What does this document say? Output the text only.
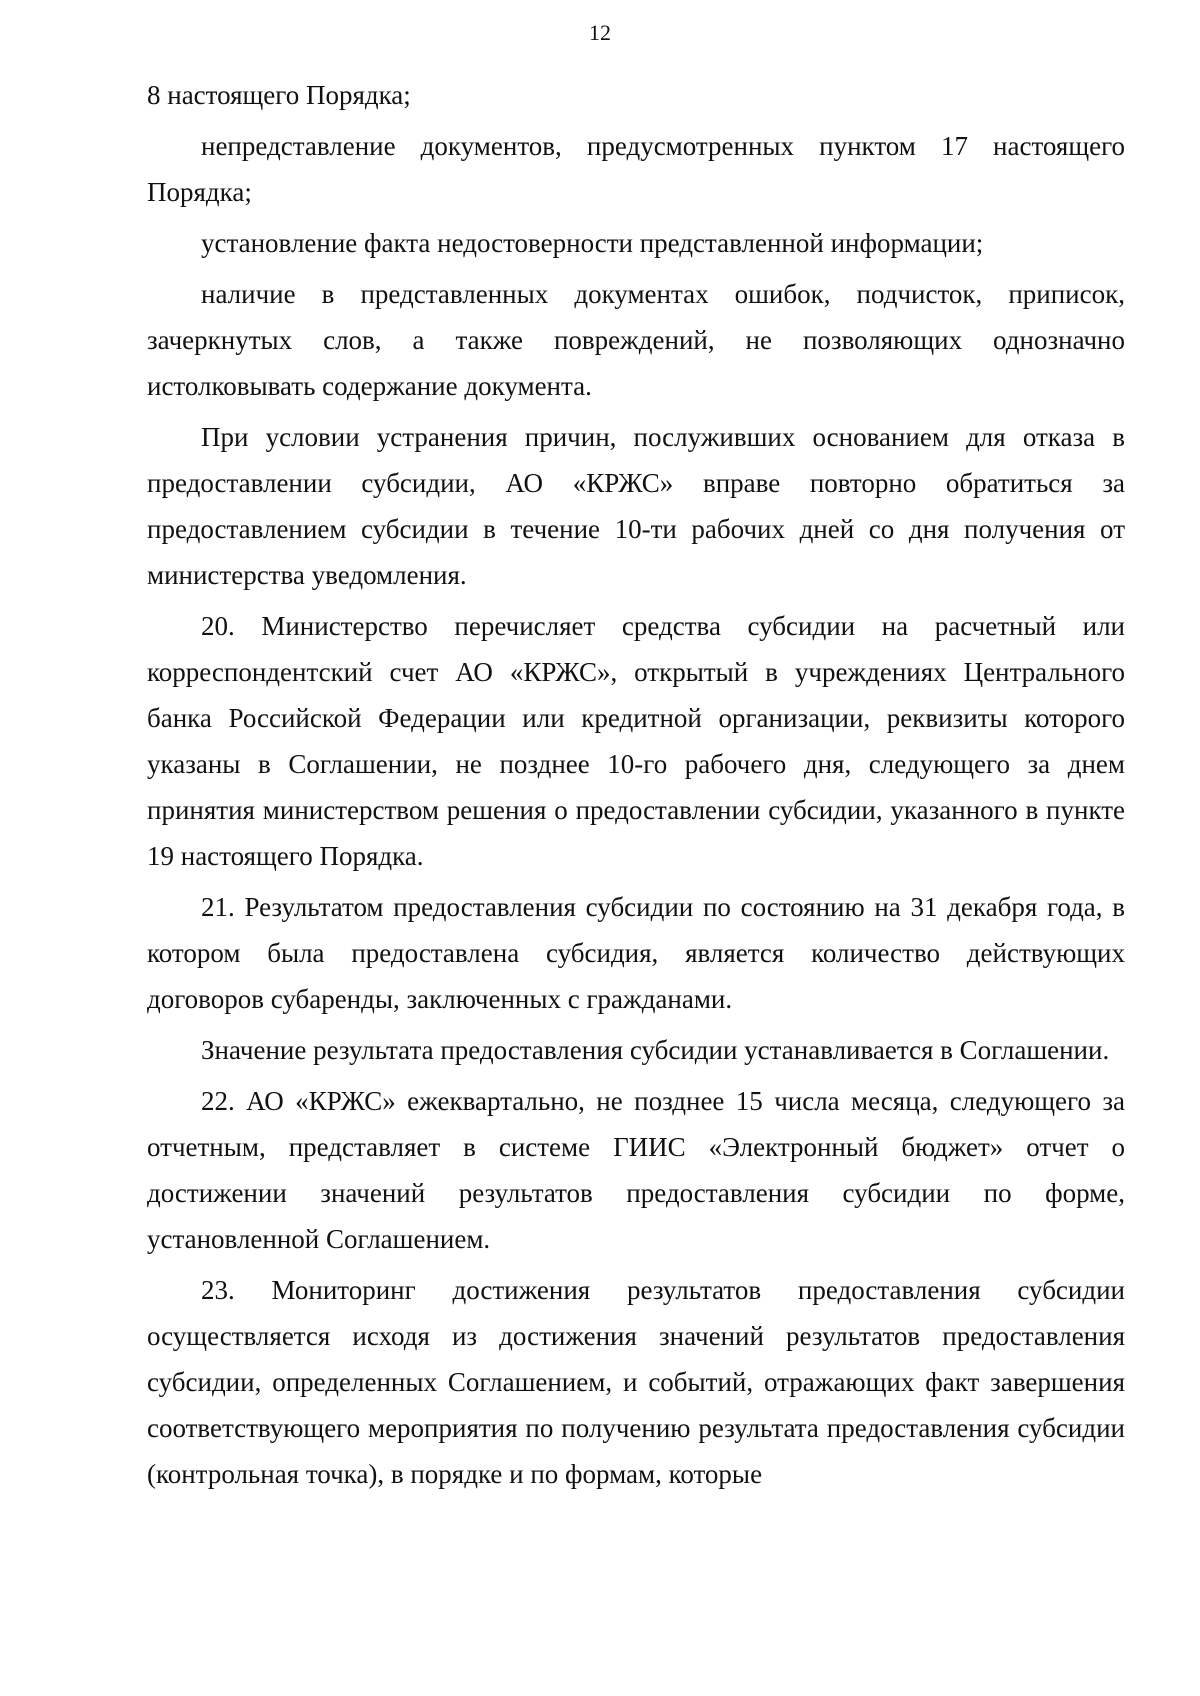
12

8 настоящего Порядка;

непредставление документов, предусмотренных пунктом 17 настоящего Порядка;

установление факта недостоверности представленной информации;

наличие в представленных документах ошибок, подчисток, приписок, зачеркнутых слов, а также повреждений, не позволяющих однозначно истолковывать содержание документа.

При условии устранения причин, послуживших основанием для отказа в предоставлении субсидии, АО «КРЖС» вправе повторно обратиться за предоставлением субсидии в течение 10-ти рабочих дней со дня получения от министерства уведомления.

20. Министерство перечисляет средства субсидии на расчетный или корреспондентский счет АО «КРЖС», открытый в учреждениях Центрального банка Российской Федерации или кредитной организации, реквизиты которого указаны в Соглашении, не позднее 10-го рабочего дня, следующего за днем принятия министерством решения о предоставлении субсидии, указанного в пункте 19 настоящего Порядка.

21. Результатом предоставления субсидии по состоянию на 31 декабря года, в котором была предоставлена субсидия, является количество действующих договоров субаренды, заключенных с гражданами.

Значение результата предоставления субсидии устанавливается в Соглашении.

22. АО «КРЖС» ежеквартально, не позднее 15 числа месяца, следующего за отчетным, представляет в системе ГИИС «Электронный бюджет» отчет о достижении значений результатов предоставления субсидии по форме, установленной Соглашением.

23. Мониторинг достижения результатов предоставления субсидии осуществляется исходя из достижения значений результатов предоставления субсидии, определенных Соглашением, и событий, отражающих факт завершения соответствующего мероприятия по получению результата предоставления субсидии (контрольная точка), в порядке и по формам, которые
